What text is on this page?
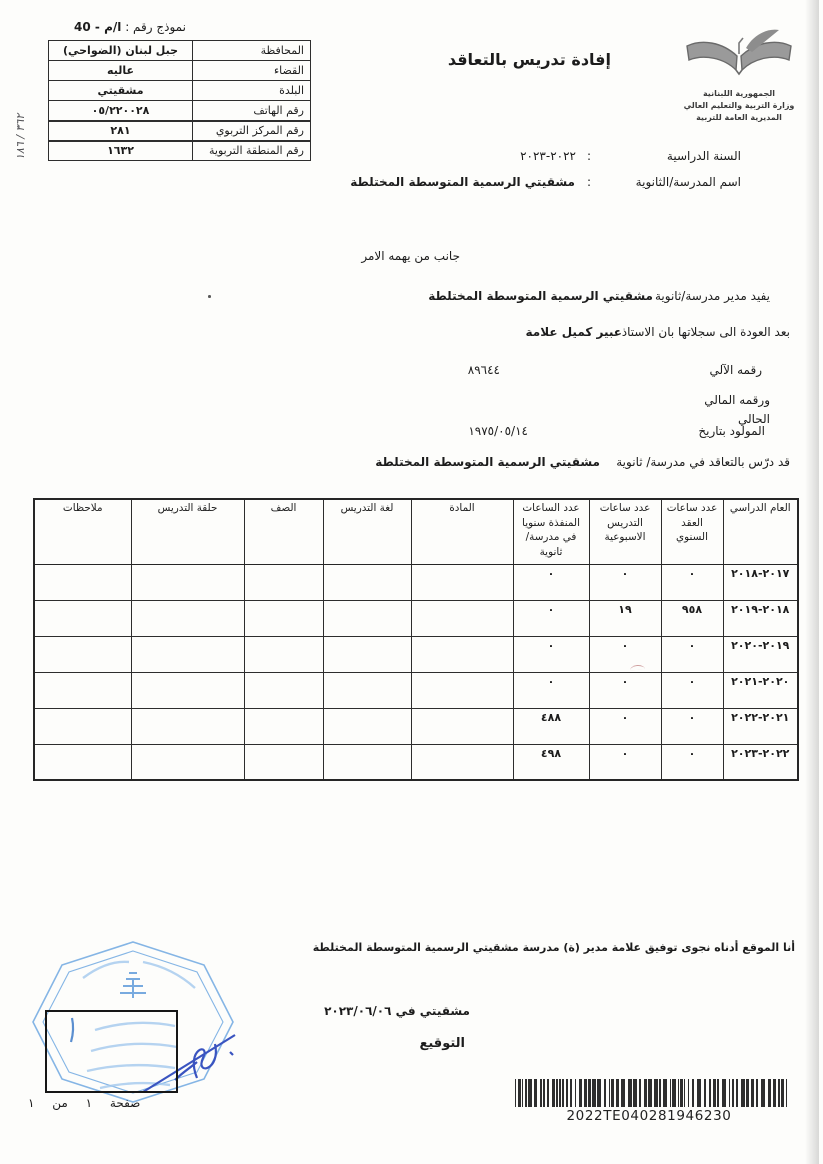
نموذج رقم : ا/م - 40
المحافظة	جبل لبنان (الضواحي)
القضاء	عاليه
البلدة	مشقيتي
رقم الهاتف	٠٥/٢٢٠٠٢٨
رقم المركز التربوي	٢٨١
رقم المنطقة التربوية	١٦٣٢
٣٦٢ / ١٨٦
الجمهورية اللبنانية
وزارة التربية والتعليم العالي
المديرية العامة للتربية
إفادة تدريس بالتعاقد
السنة الدراسية
:
٢٠٢٢-٢٠٢٣
اسم المدرسة/الثانوية
:
مشقيتي الرسمية المتوسطة المختلطة
جانب من يهمه الامر
يفيد مدير مدرسة/ثانوية
مشقيتي الرسمية المتوسطة المختلطة
بعد العودة الى سجلاتها بان الاستاذ
عبير كميل علامة
رقمه الآلي
٨٩٦٤٤
ورقمه المالي الحالي
المولود بتاريخ
١٩٧٥/٠٥/١٤
قد درّس بالتعاقد في مدرسة/ ثانوية
مشقيتي الرسمية المتوسطة المختلطة
العام الدراسي	عدد ساعات العقد السنوي	عدد ساعات التدريس الاسبوعية	عدد الساعات المنفذة سنويا في مدرسة/ثانوية	المادة	لغة التدريس	الصف	حلقة التدريس	ملاحظات
٢٠١٧-٢٠١٨	٠	٠	٠					
٢٠١٨-٢٠١٩	٩٥٨	١٩	٠					
٢٠١٩-٢٠٢٠	٠	٠	٠					
٢٠٢٠-٢٠٢١	٠	٠	٠					
٢٠٢١-٢٠٢٢	٠	٠	٤٨٨					
٢٠٢٢-٢٠٢٣	٠	٠	٤٩٨					
أنا الموقع أدناه نجوى توفيق علامة مدير (ة) مدرسة مشقيتي الرسمية المتوسطة المختلطة
مشقيتي في ٢٠٢٣/٠٦/٠٦
التوقيع
2022TE040281946230
صفحة ١ من ١
